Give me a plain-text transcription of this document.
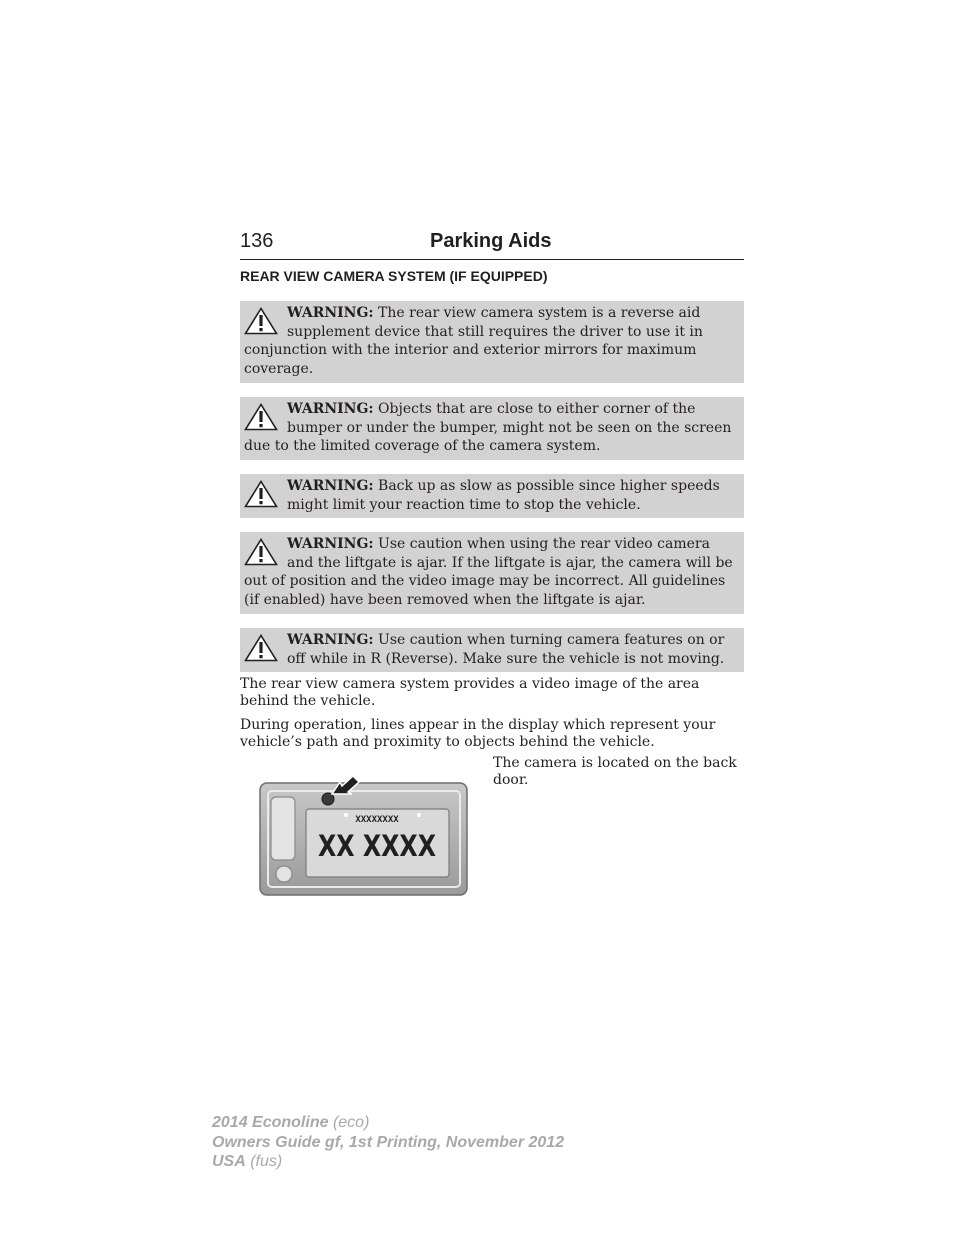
136	Parking Aids
REAR VIEW CAMERA SYSTEM (IF EQUIPPED)
WARNING: The rear view camera system is a reverse aid supplement device that still requires the driver to use it in conjunction with the interior and exterior mirrors for maximum coverage.
WARNING: Objects that are close to either corner of the bumper or under the bumper, might not be seen on the screen due to the limited coverage of the camera system.
WARNING: Back up as slow as possible since higher speeds might limit your reaction time to stop the vehicle.
WARNING: Use caution when using the rear video camera and the liftgate is ajar. If the liftgate is ajar, the camera will be out of position and the video image may be incorrect. All guidelines (if enabled) have been removed when the liftgate is ajar.
WARNING: Use caution when turning camera features on or off while in R (Reverse). Make sure the vehicle is not moving.
The rear view camera system provides a video image of the area behind the vehicle.
During operation, lines appear in the display which represent your vehicle’s path and proximity to objects behind the vehicle.
XXXXXXXX
XX XXXX
The camera is located on the back door.
2014 Econoline (eco)
Owners Guide gf, 1st Printing, November 2012
USA (fus)
